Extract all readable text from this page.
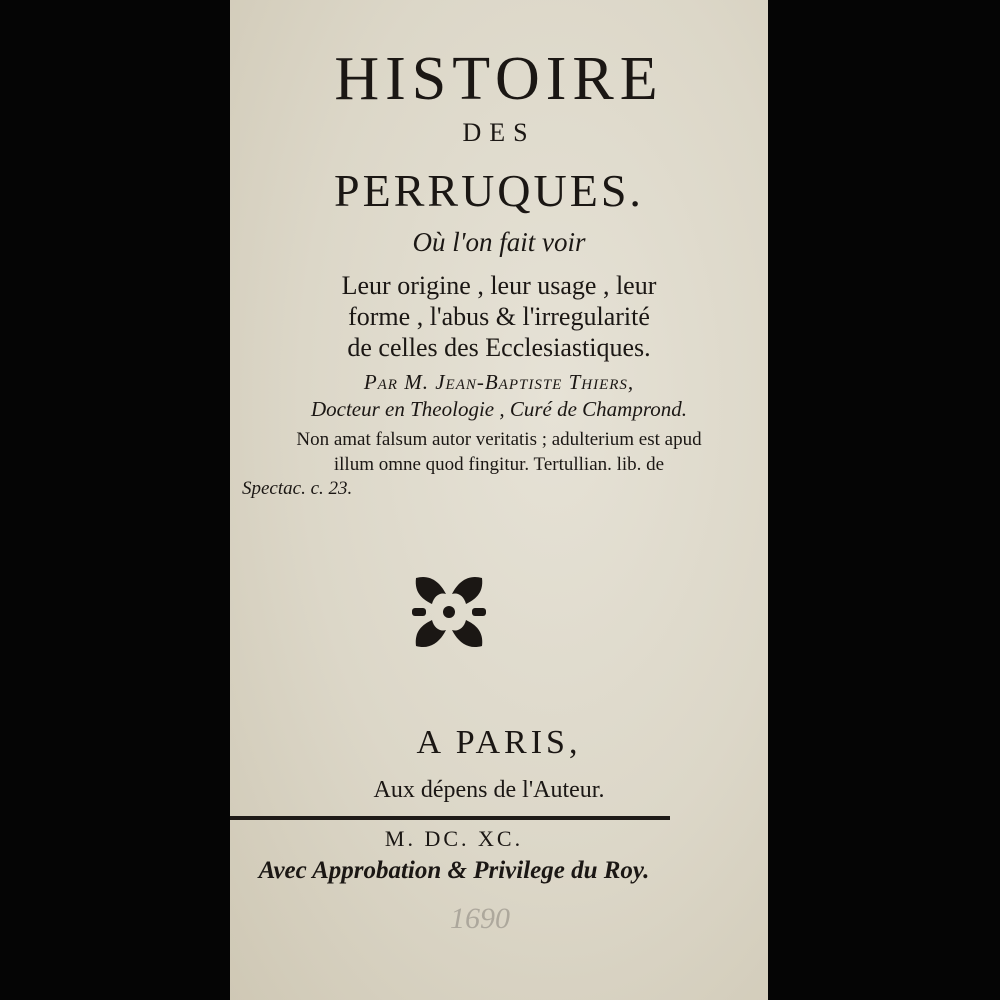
HISTOIRE
DES
PERRUQUES.
Où l'on fait voir
Leur origine , leur usage , leur
forme , l'abus & l'irregularité
de celles des Ecclesiastiques.
Par M. Jean-Baptiste Thiers,
Docteur en Theologie , Curé de Champrond.
Non amat falsum autor veritatis ; adulterium est apud
illum omne quod fingitur. Tertullian. lib. de
Spectac. c. 23.
A PARIS,
Aux dépens de l'Auteur.
M. DC. XC.
Avec Approbation & Privilege du Roy.
1690
